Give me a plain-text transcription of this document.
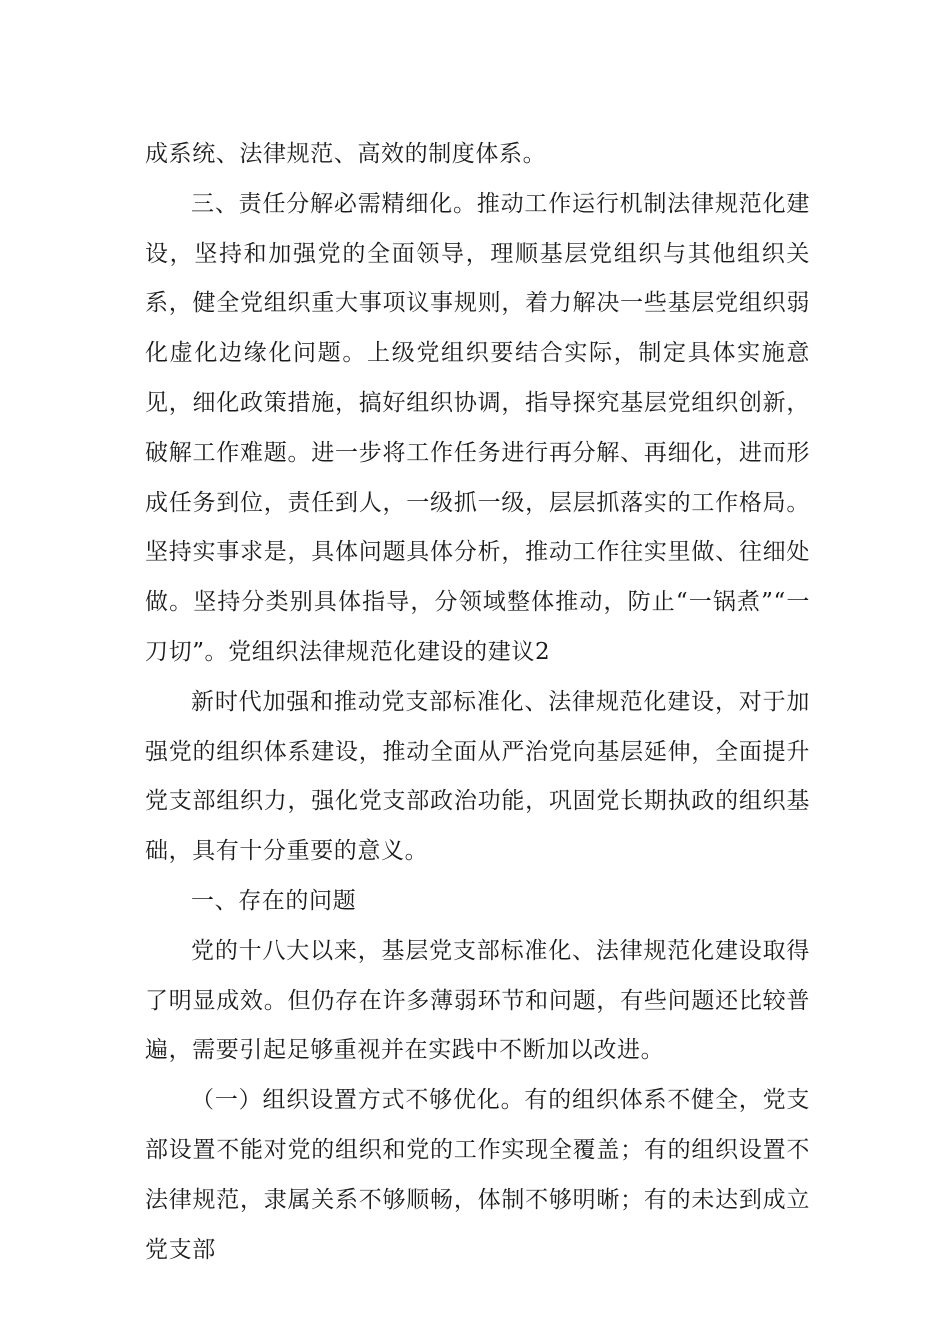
成系统、法律规范、高效的制度体系。

三、责任分解必需精细化。推动工作运行机制法律规范化建设，坚持和加强党的全面领导，理顺基层党组织与其他组织关系，健全党组织重大事项议事规则，着力解决一些基层党组织弱化虚化边缘化问题。上级党组织要结合实际，制定具体实施意见，细化政策措施，搞好组织协调，指导探究基层党组织创新，破解工作难题。进一步将工作任务进行再分解、再细化，进而形成任务到位，责任到人，一级抓一级，层层抓落实的工作格局。坚持实事求是，具体问题具体分析，推动工作往实里做、往细处做。坚持分类别具体指导，分领域整体推动，防止“一锅煮”“一刀切”。党组织法律规范化建设的建议2

新时代加强和推动党支部标准化、法律规范化建设，对于加强党的组织体系建设，推动全面从严治党向基层延伸，全面提升党支部组织力，强化党支部政治功能，巩固党长期执政的组织基础，具有十分重要的意义。

一、存在的问题

党的十八大以来，基层党支部标准化、法律规范化建设取得了明显成效。但仍存在许多薄弱环节和问题，有些问题还比较普遍，需要引起足够重视并在实践中不断加以改进。

（一）组织设置方式不够优化。有的组织体系不健全，党支部设置不能对党的组织和党的工作实现全覆盖；有的组织设置不法律规范，隶属关系不够顺畅，体制不够明晰；有的未达到成立党支部
